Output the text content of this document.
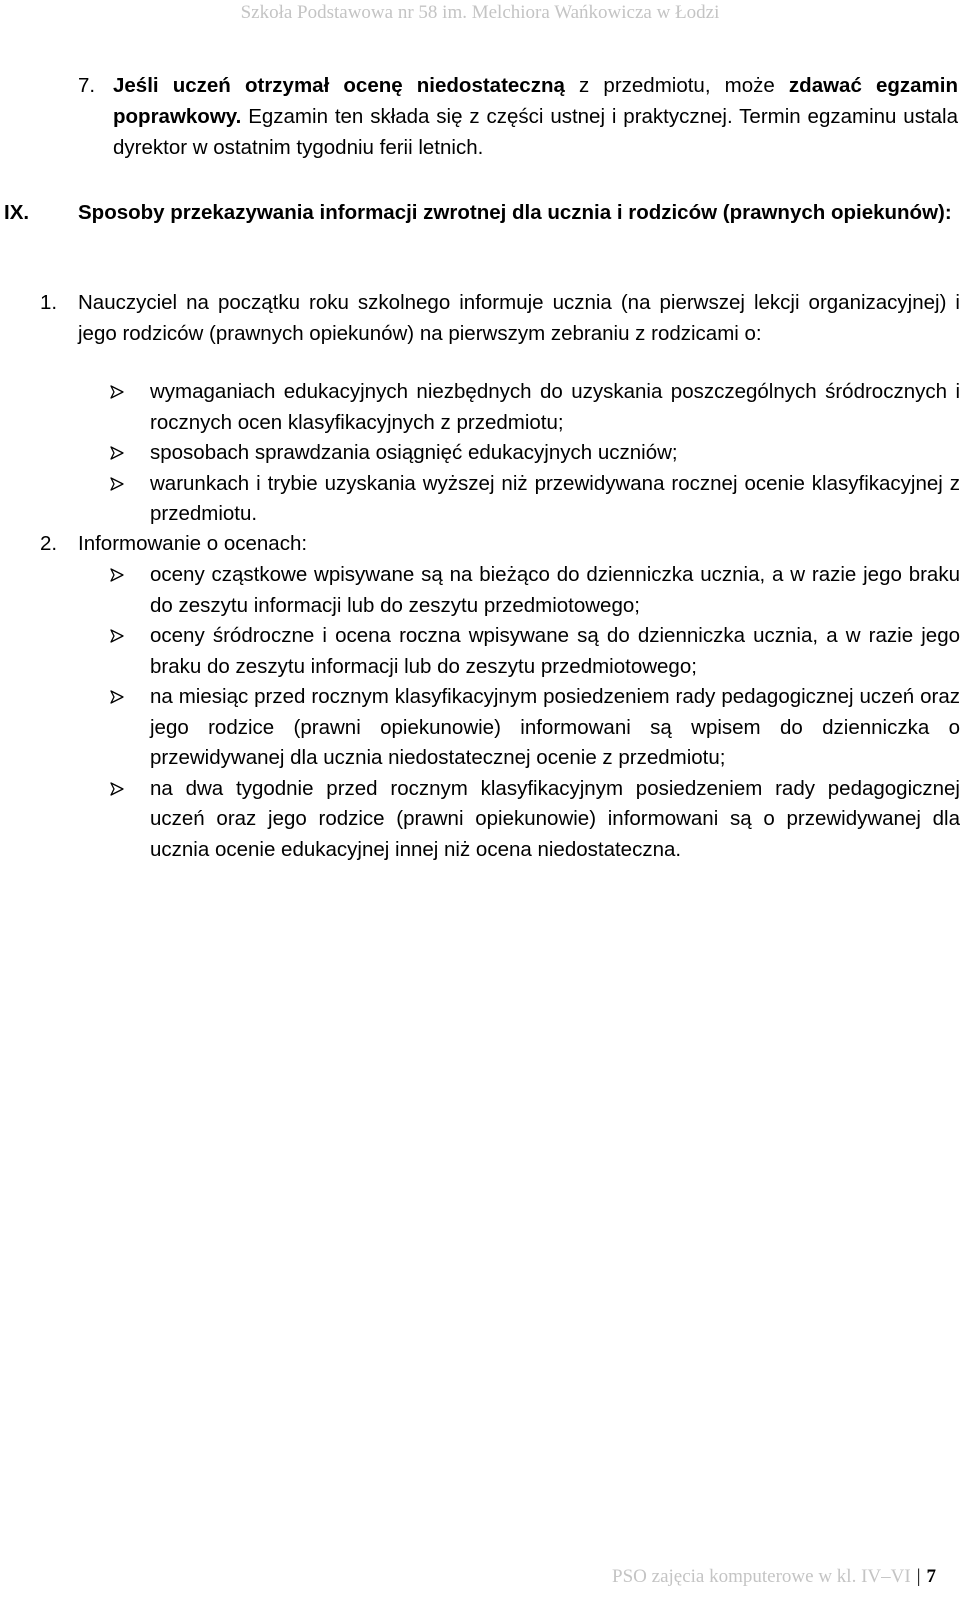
Szkoła Podstawowa nr 58 im. Melchiora Wańkowicza w Łodzi
7. Jeśli uczeń otrzymał ocenę niedostateczną z przedmiotu, może zdawać egzamin poprawkowy. Egzamin ten składa się z części ustnej i praktycznej. Termin egzaminu ustala dyrektor w ostatnim tygodniu ferii letnich.
IX. Sposoby przekazywania informacji zwrotnej dla ucznia i rodziców (prawnych opiekunów):
1. Nauczyciel na początku roku szkolnego informuje ucznia (na pierwszej lekcji organizacyjnej) i jego rodziców (prawnych opiekunów) na pierwszym zebraniu z rodzicami o:
wymaganiach edukacyjnych niezbędnych do uzyskania poszczególnych śródrocznych i rocznych ocen klasyfikacyjnych z przedmiotu;
sposobach sprawdzania osiągnięć edukacyjnych uczniów;
warunkach i trybie uzyskania wyższej niż przewidywana rocznej ocenie klasyfikacyjnej z przedmiotu.
2. Informowanie o ocenach:
oceny cząstkowe wpisywane są na bieżąco do dzienniczka ucznia, a w razie jego braku do zeszytu informacji lub do zeszytu przedmiotowego;
oceny śródroczne i ocena roczna wpisywane są do dzienniczka ucznia, a w razie jego braku do zeszytu informacji lub do zeszytu przedmiotowego;
na miesiąc przed rocznym klasyfikacyjnym posiedzeniem rady pedagogicznej uczeń oraz jego rodzice (prawni opiekunowie) informowani są wpisem do dzienniczka o przewidywanej dla ucznia niedostatecznej ocenie z przedmiotu;
na dwa tygodnie przed rocznym klasyfikacyjnym posiedzeniem rady pedagogicznej uczeń oraz jego rodzice (prawni opiekunowie) informowani są o przewidywanej dla ucznia ocenie edukacyjnej innej niż ocena niedostateczna.
PSO zajęcia komputerowe w kl. IV–VI | 7
